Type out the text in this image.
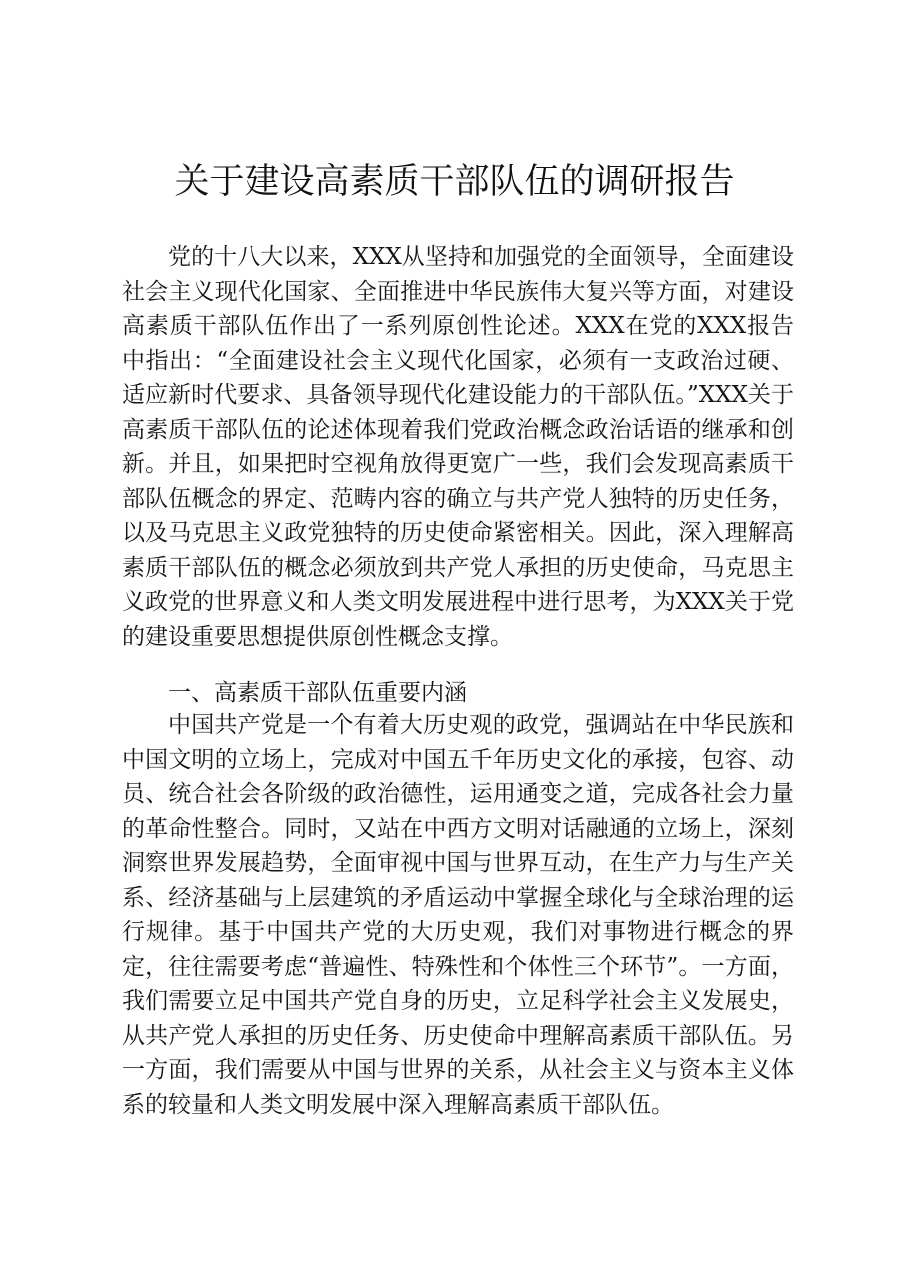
关于建设高素质干部队伍的调研报告

党的十八大以来，XXX从坚持和加强党的全面领导，全面建设社会主义现代化国家、全面推进中华民族伟大复兴等方面，对建设高素质干部队伍作出了一系列原创性论述。XXX在党的XXX报告中指出：“全面建设社会主义现代化国家，必须有一支政治过硬、适应新时代要求、具备领导现代化建设能力的干部队伍。”XXX关于高素质干部队伍的论述体现着我们党政治概念政治话语的继承和创新。并且，如果把时空视角放得更宽广一些，我们会发现高素质干部队伍概念的界定、范畴内容的确立与共产党人独特的历史任务，以及马克思主义政党独特的历史使命紧密相关。因此，深入理解高素质干部队伍的概念必须放到共产党人承担的历史使命，马克思主义政党的世界意义和人类文明发展进程中进行思考，为XXX关于党的建设重要思想提供原创性概念支撑。

一、高素质干部队伍重要内涵

中国共产党是一个有着大历史观的政党，强调站在中华民族和中国文明的立场上，完成对中国五千年历史文化的承接，包容、动员、统合社会各阶级的政治德性，运用通变之道，完成各社会力量的革命性整合。同时，又站在中西方文明对话融通的立场上，深刻洞察世界发展趋势，全面审视中国与世界互动，在生产力与生产关系、经济基础与上层建筑的矛盾运动中掌握全球化与全球治理的运行规律。基于中国共产党的大历史观，我们对事物进行概念的界定，往往需要考虑“普遍性、特殊性和个体性三个环节”。一方面，我们需要立足中国共产党自身的历史，立足科学社会主义发展史，从共产党人承担的历史任务、历史使命中理解高素质干部队伍。另一方面，我们需要从中国与世界的关系，从社会主义与资本主义体系的较量和人类文明发展中深入理解高素质干部队伍。
